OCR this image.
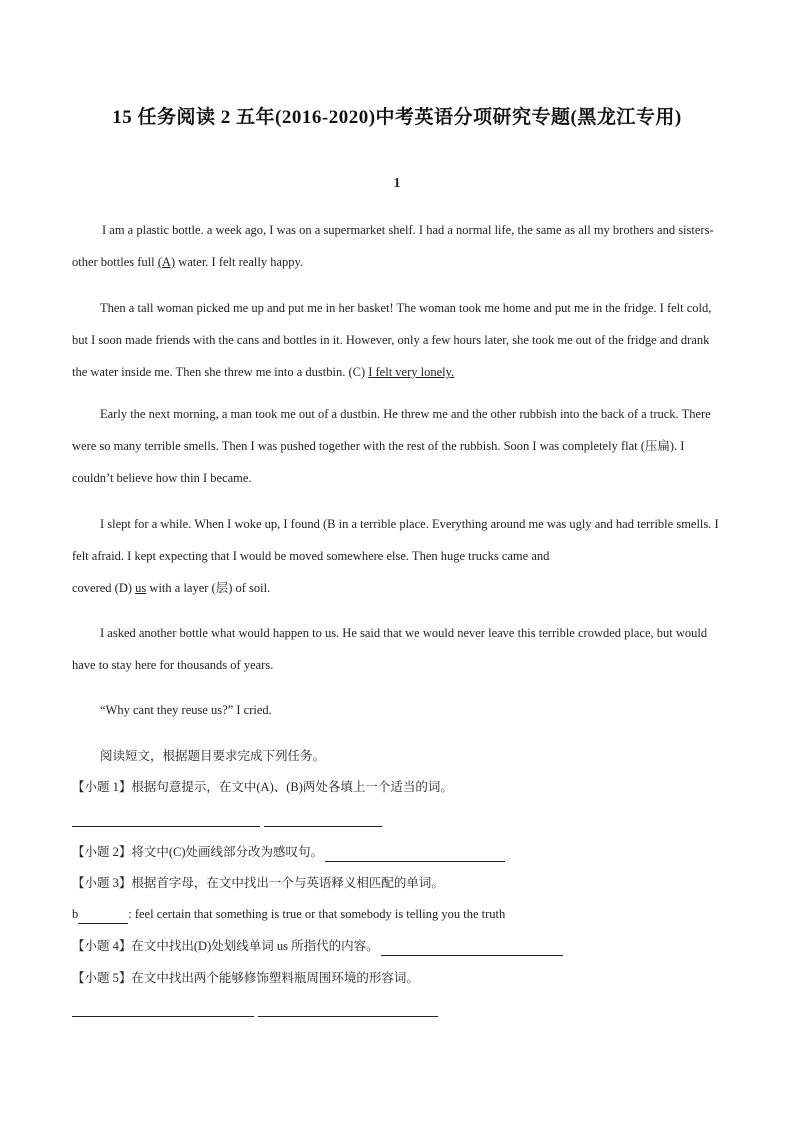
15 任务阅读 2 五年(2016-2020)中考英语分项研究专题(黑龙江专用)
1

I am a plastic bottle. a week ago, I was on a supermarket shelf. I had a normal life, the same as all my brothers and sisters-other bottles full (A) water. I felt really happy.

Then a tall woman picked me up and put me in her basket! The woman took me home and put me in the fridge. I felt cold, but I soon made friends with the cans and bottles in it. However, only a few hours later, she took me out of the fridge and drank the water inside me. Then she threw me into a dustbin. (C) I felt very lonely.

Early the next morning, a man took me out of a dustbin. He threw me and the other rubbish into the back of a truck. There were so many terrible smells. Then I was pushed together with the rest of the rubbish. Soon I was completely flat (压扁). I couldn’t believe how thin I became.

I slept for a while. When I woke up, I found (B in a terrible place. Everything around me was ugly and had terrible smells. I felt afraid. I kept expecting that I would be moved somewhere else. Then huge trucks came and

covered (D) us with a layer (层) of soil.

I asked another bottle what would happen to us. He said that we would never leave this terrible crowded place, but would have to stay here for thousands of years.

“Why cant they reuse us?” I cried.

阅读短文，根据题目要求完成下列任务。
【小题 1】根据句意提示，在文中(A)、(B)两处各填上一个适当的词。
【小题 2】将文中(C)处画线部分改为感叹句。
【小题 3】根据首字母，在文中找出一个与英语释义相匹配的单词。
b	: feel certain that something is true or that somebody is telling you the truth
【小题 4】在文中找出(D)处划线单词 us 所指代的内容。
【小题 5】在文中找出两个能够修饰塑料瓶周围环境的形容词。
